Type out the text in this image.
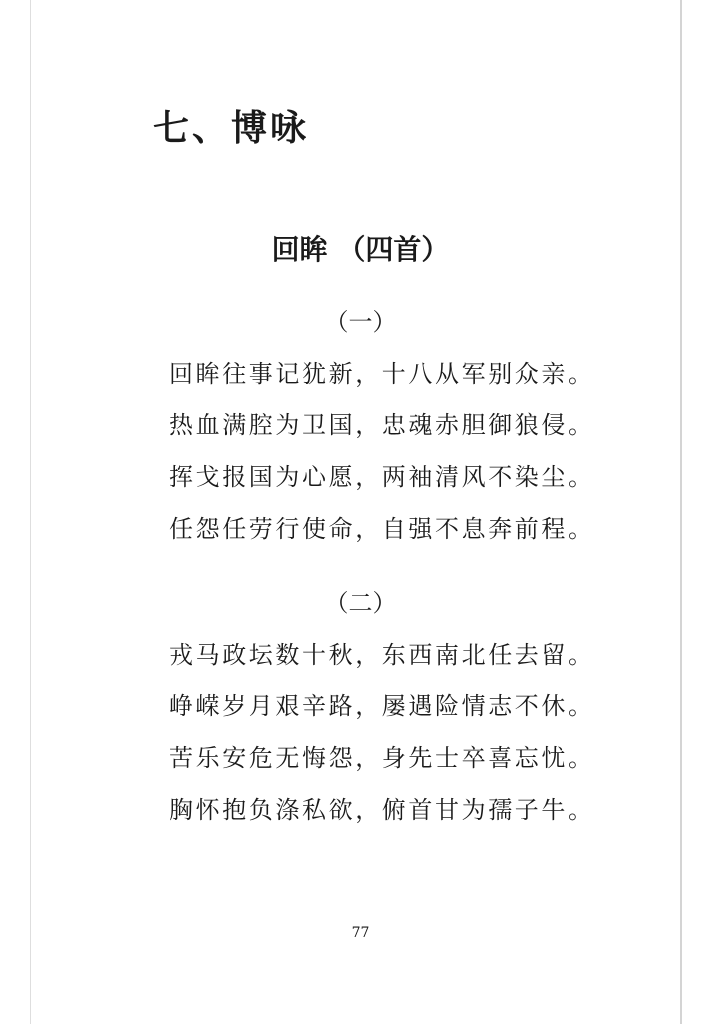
七、博咏
回眸 （四首）
（一）
回眸往事记犹新，十八从军别众亲。
热血满腔为卫国，忠魂赤胆御狼侵。
挥戈报国为心愿，两袖清风不染尘。
任怨任劳行使命，自强不息奔前程。
（二）
戎马政坛数十秋，东西南北任去留。
峥嵘岁月艰辛路，屡遇险情志不休。
苦乐安危无悔怨，身先士卒喜忘忧。
胸怀抱负涤私欲，俯首甘为孺子牛。
77
